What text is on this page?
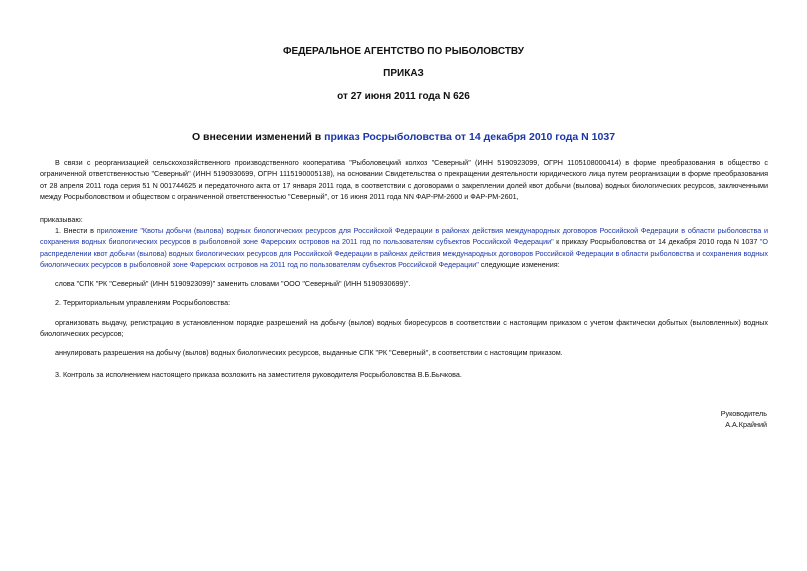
ФЕДЕРАЛЬНОЕ АГЕНТСТВО ПО РЫБОЛОВСТВУ
ПРИКАЗ
от 27 июня 2011 года N 626
О внесении изменений в приказ Росрыболовства от 14 декабря 2010 года N 1037
В связи с реорганизацией сельскохозяйственного производственного кооператива "Рыболовецкий колхоз "Северный" (ИНН 5190923099, ОГРН 1105108000414) в форме преобразования в общество с ограниченной ответственностью "Северный" (ИНН 5190930699, ОГРН 1115190005138), на основании Свидетельства о прекращении деятельности юридического лица путем реорганизации в форме преобразования от 28 апреля 2011 года серия 51 N 001744625 и передаточного акта от 17 января 2011 года, в соответствии с договорами о закреплении долей квот добычи (вылова) водных биологических ресурсов, заключенными между Росрыболовством и обществом с ограниченной ответственностью "Северный", от 16 июня 2011 года NN ФАР-РМ-2600 и ФАР-РМ-2601,
приказываю:
1. Внести в приложение "Квоты добычи (вылова) водных биологических ресурсов для Российской Федерации в районах действия международных договоров Российской Федерации в области рыболовства и сохранения водных биологических ресурсов в рыболовной зоне Фарерских островов на 2011 год по пользователям субъектов Российской Федерации" к приказу Росрыболовства от 14 декабря 2010 года N 1037 "О распределении квот добычи (вылова) водных биологических ресурсов для Российской Федерации в районах действия международных договоров Российской Федерации в области рыболовства и сохранения водных биологических ресурсов в рыболовной зоне Фарерских островов на 2011 год по пользователям субъектов Российской Федерации" следующие изменения:
слова "СПК "РК "Северный" (ИНН 5190923099)" заменить словами "ООО "Северный" (ИНН 5190930699)".
2. Территориальным управлениям Росрыболовства:
организовать выдачу, регистрацию в установленном порядке разрешений на добычу (вылов) водных биоресурсов в соответствии с настоящим приказом с учетом фактически добытых (выловленных) водных биологических ресурсов;
аннулировать разрешения на добычу (вылов) водных биологических ресурсов, выданные СПК "РК "Северный", в соответствии с настоящим приказом.
3. Контроль за исполнением настоящего приказа возложить на заместителя руководителя Росрыболовства В.Б.Бычкова.
Руководитель
А.А.Крайний
